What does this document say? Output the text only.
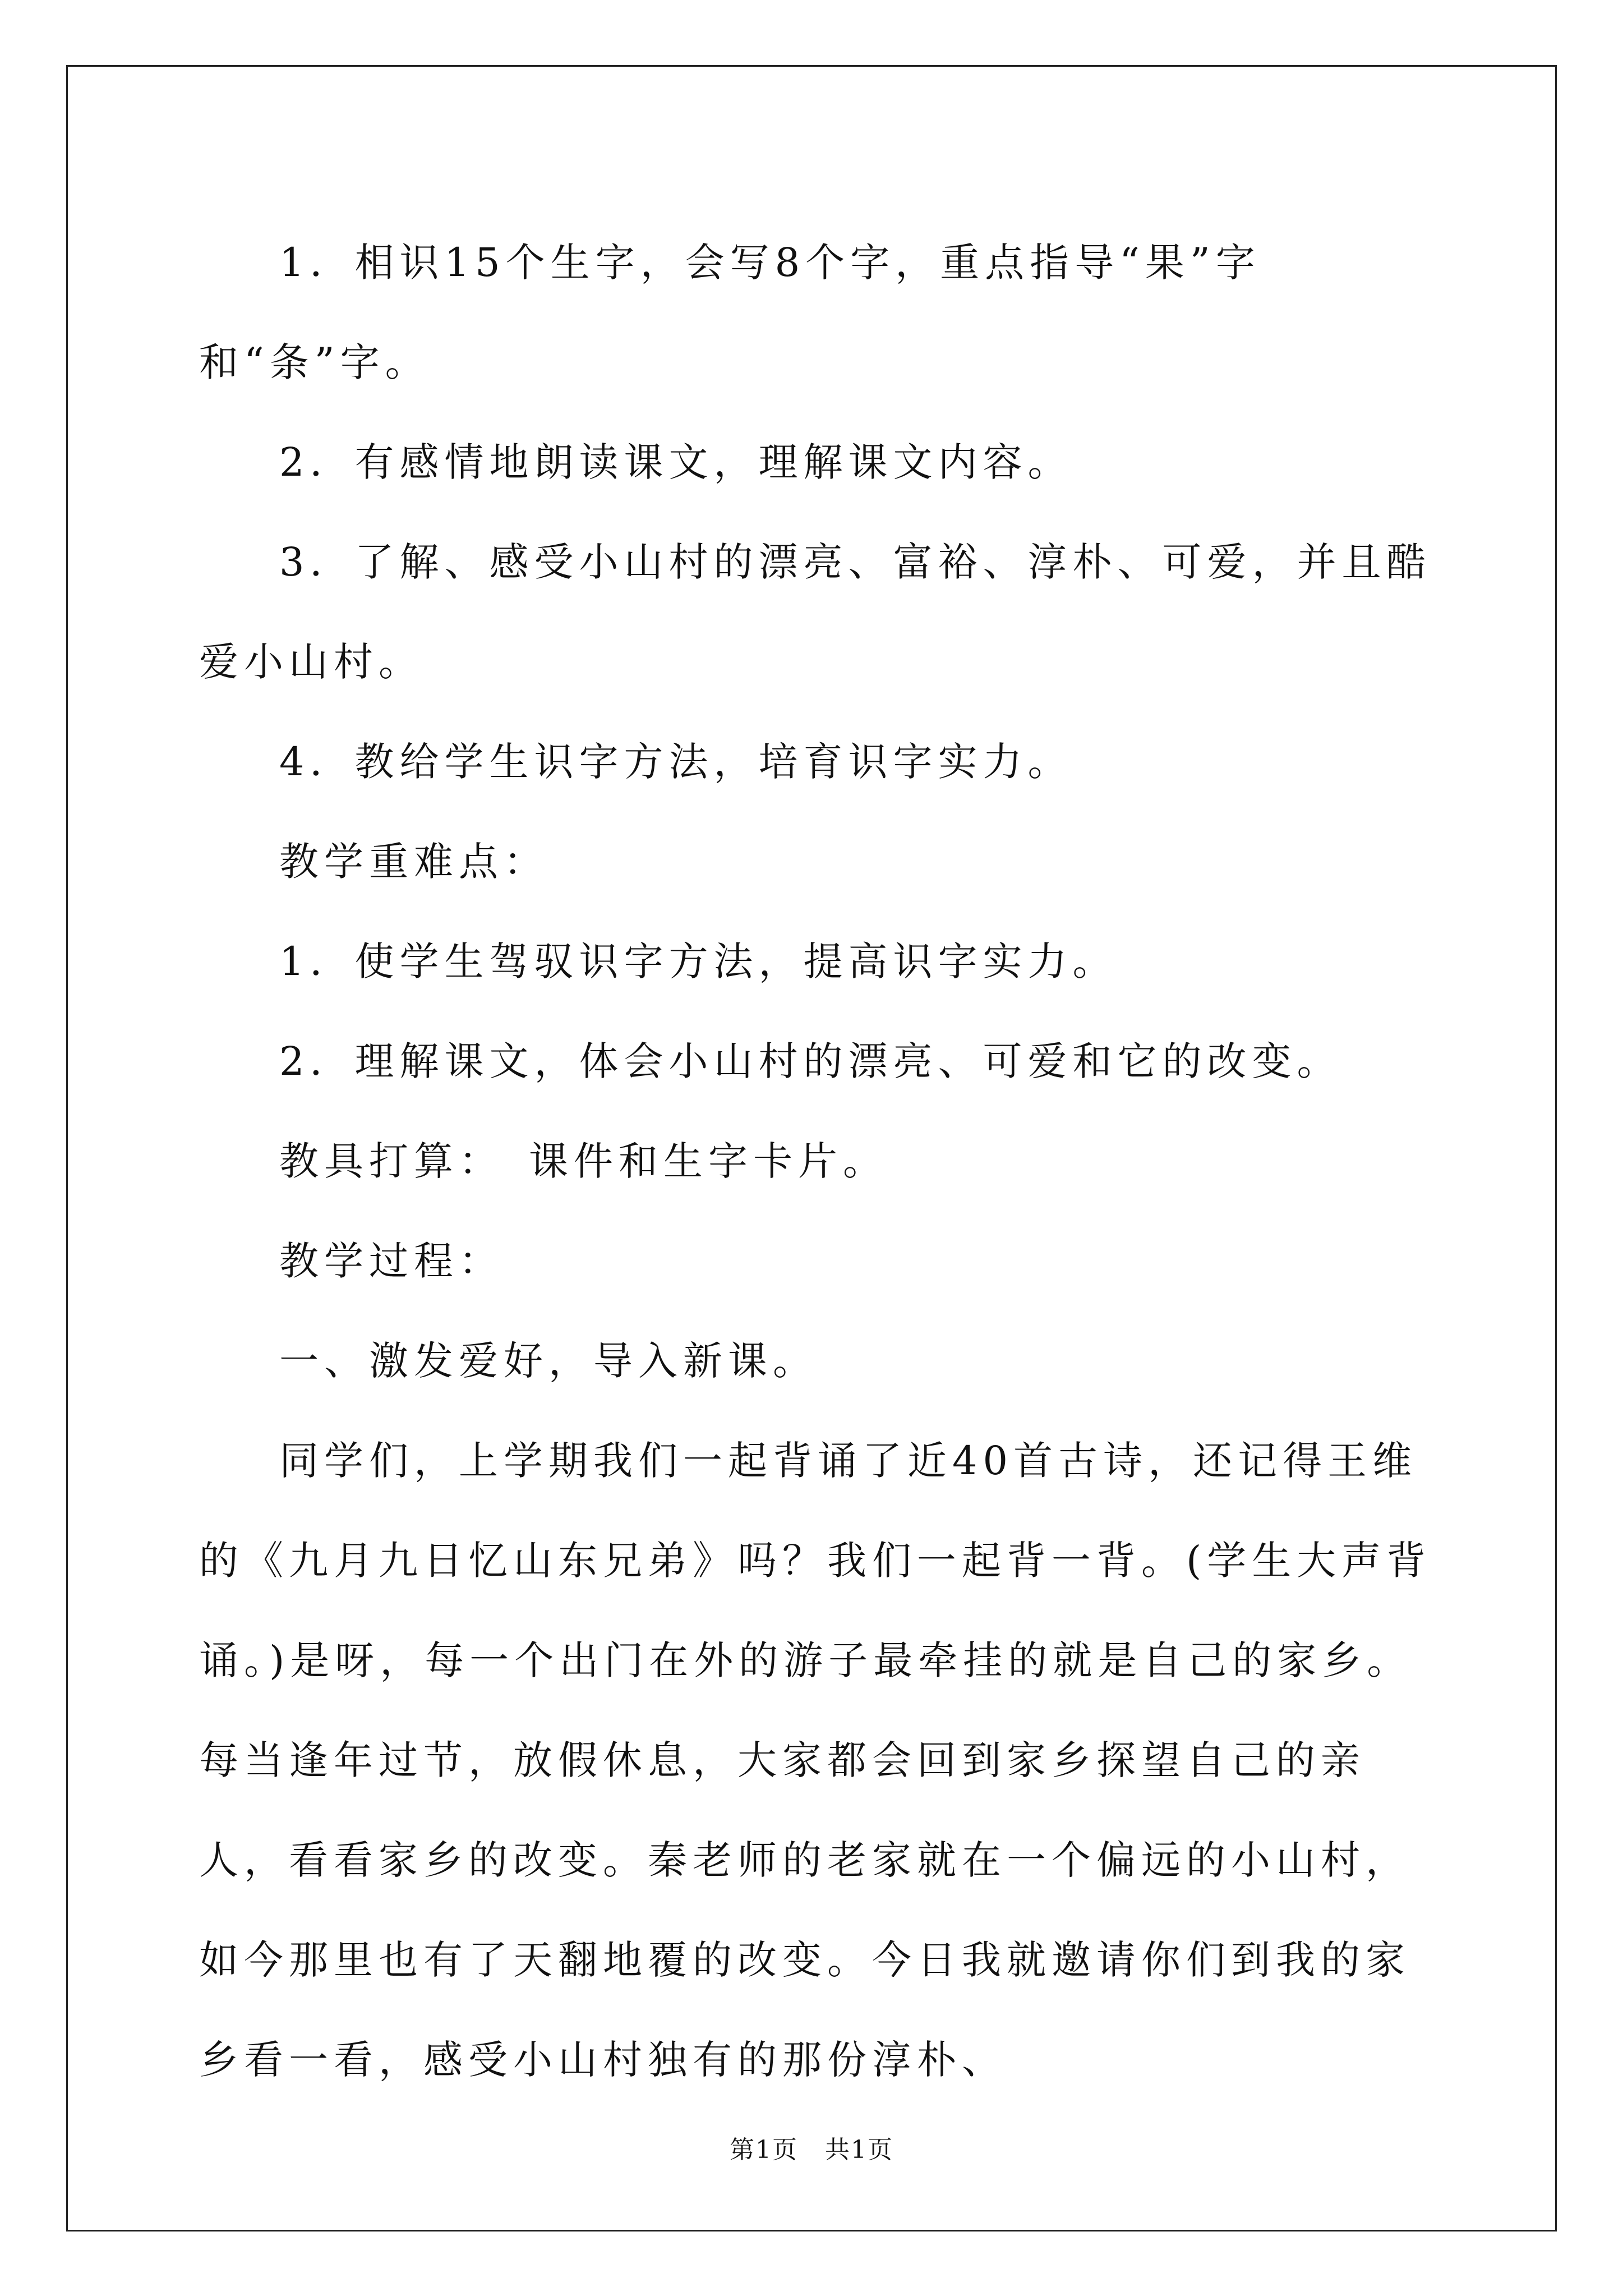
1．相识15个生字，会写8个字，重点指导“果”字和“条”字。

2．有感情地朗读课文，理解课文内容。

3．了解、感受小山村的漂亮、富裕、淳朴、可爱，并且酷爱小山村。

4．教给学生识字方法，培育识字实力。

教学重难点：

1．使学生驾驭识字方法，提高识字实力。

2．理解课文，体会小山村的漂亮、可爱和它的改变。

教具打算：　课件和生字卡片。

教学过程：

一、激发爱好，导入新课。

同学们，上学期我们一起背诵了近40首古诗，还记得王维的《九月九日忆山东兄弟》吗？我们一起背一背。(学生大声背诵。)是呀，每一个出门在外的游子最牵挂的就是自己的家乡。每当逢年过节，放假休息，大家都会回到家乡探望自己的亲人，看看家乡的改变。秦老师的老家就在一个偏远的小山村，如今那里也有了天翻地覆的改变。今日我就邀请你们到我的家乡看一看，感受小山村独有的那份淳朴、

第1页 共1页
